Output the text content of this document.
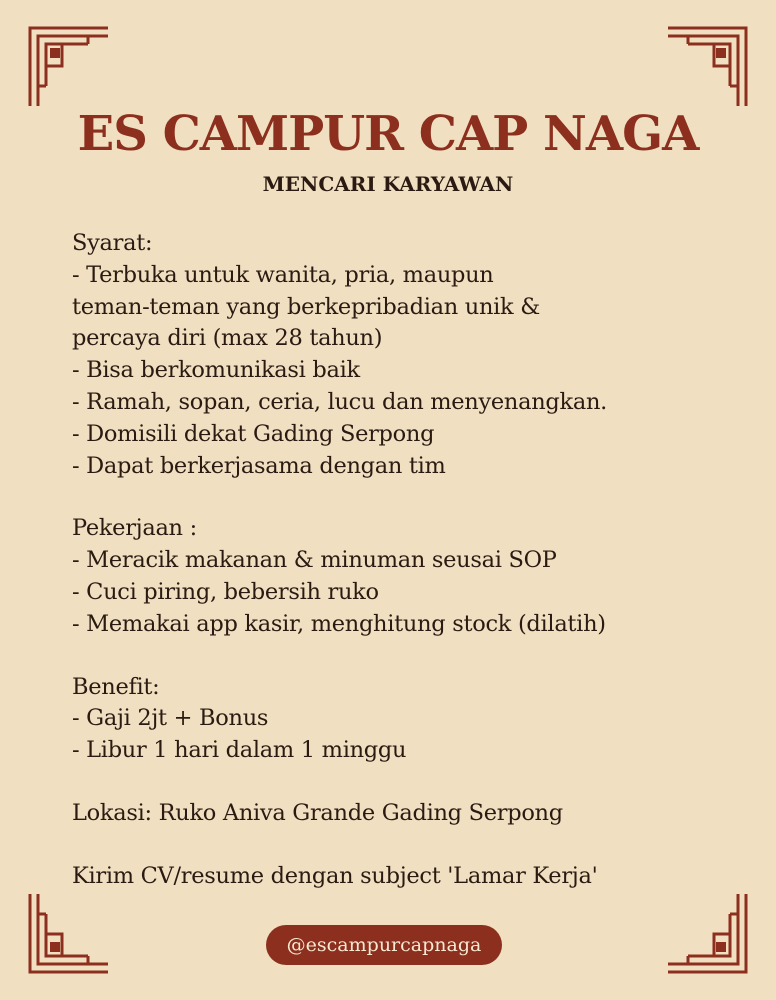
ES CAMPUR CAP NAGA
MENCARI KARYAWAN
Syarat:
- Terbuka untuk wanita, pria, maupun
teman-teman yang berkepribadian unik &
percaya diri (max 28 tahun)
- Bisa berkomunikasi baik
- Ramah, sopan, ceria, lucu dan menyenangkan.
- Domisili dekat Gading Serpong
- Dapat berkerjasama dengan tim
Pekerjaan :
- Meracik makanan & minuman seusai SOP
- Cuci piring, bebersih ruko
- Memakai app kasir, menghitung stock (dilatih)
Benefit:
- Gaji 2jt + Bonus
- Libur 1 hari dalam 1 minggu
Lokasi: Ruko Aniva Grande Gading Serpong
Kirim CV/resume dengan subject 'Lamar Kerja'
@escampurcapnaga
